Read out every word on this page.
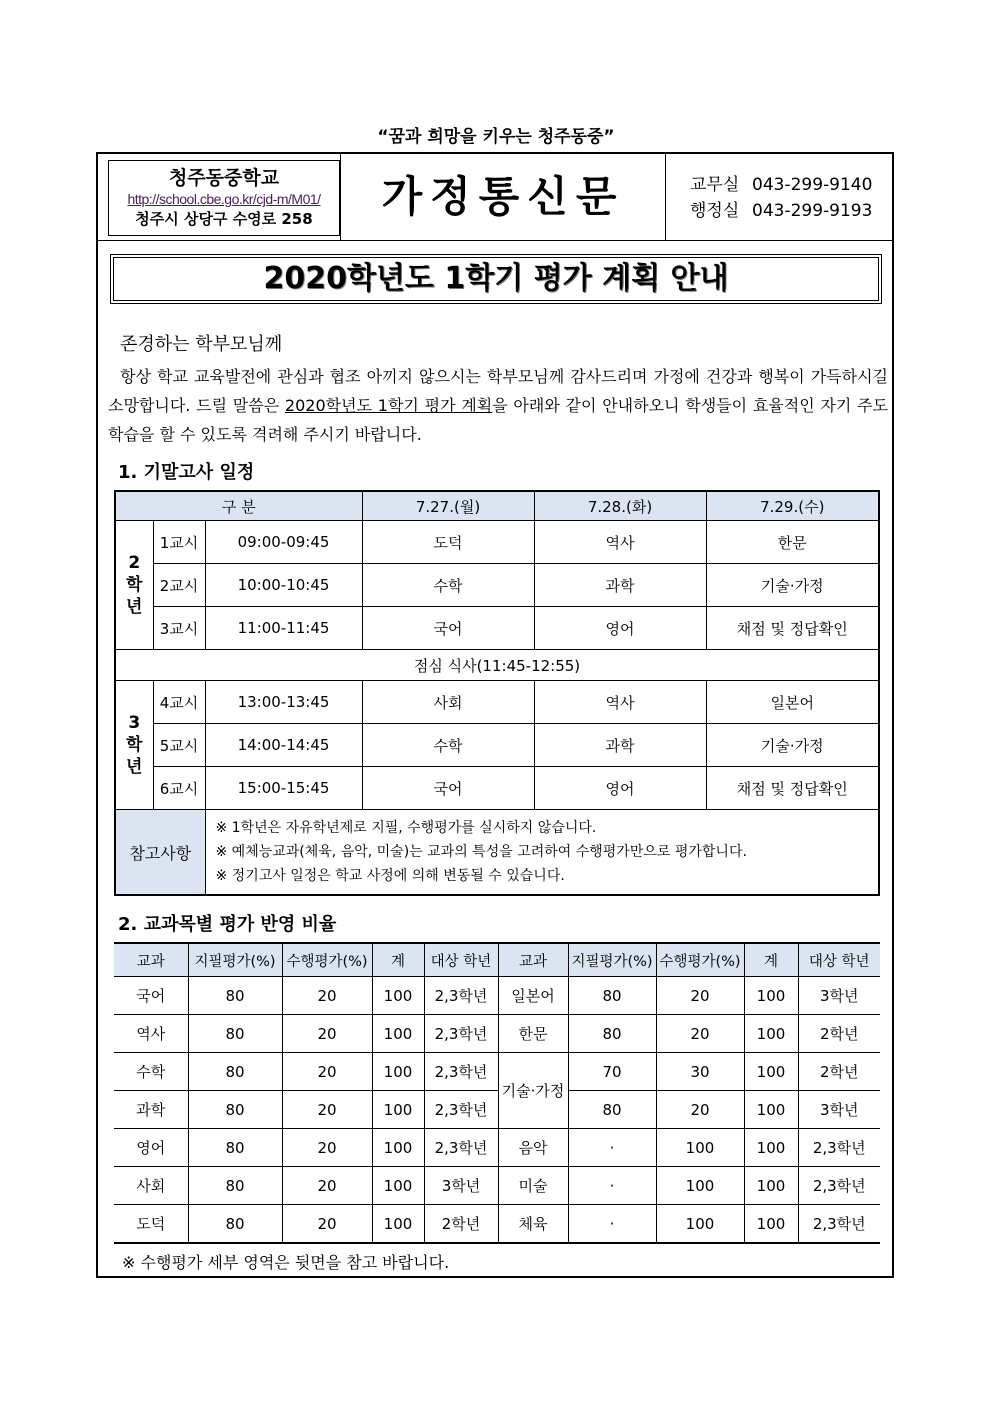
“꿈과 희망을 키우는 청주동중”
청주동중학교
http://school.cbe.go.kr/cjd-m/M01/
청주시 상당구 수영로 258	가정통신문	교무실 043-299-9140
행정실 043-299-9193
2020학년도 1학기 평가 계획 안내
존경하는 학부모님께
항상 학교 교육발전에 관심과 협조 아끼지 않으시는 학부모님께 감사드리며 가정에 건강과 행복이 가득하시길 소망합니다. 드릴 말씀은 2020학년도 1학기 평가 계획을 아래와 같이 안내하오니 학생들이 효율적인 자기 주도 학습을 할 수 있도록 격려해 주시기 바랍니다.
1. 기말고사 일정
구 분			7.27.(월)	7.28.(화)	7.29.(수)
2
학
년	1교시	09:00-09:45	도덕	역사	한문
	2교시	10:00-10:45	수학	과학	기술·가정
	3교시	11:00-11:45	국어	영어	채점 및 정답확인
점심 식사(11:45-12:55)					
3
학
년	4교시	13:00-13:45	사회	역사	일본어
	5교시	14:00-14:45	수학	과학	기술·가정
	6교시	15:00-15:45	국어	영어	채점 및 정답확인
참고사항		※ 1학년은 자유학년제로 지필, 수행평가를 실시하지 않습니다.
※ 예체능교과(체육, 음악, 미술)는 교과의 특성을 고려하여 수행평가만으로 평가합니다.
※ 정기고사 일정은 학교 사정에 의해 변동될 수 있습니다.			
2. 교과목별 평가 반영 비율
교과	지필평가(%)	수행평가(%)	계	대상 학년	교과	지필평가(%)	수행평가(%)	계	대상 학년
국어	80	20	100	2,3학년	일본어	80	20	100	3학년
역사	80	20	100	2,3학년	한문	80	20	100	2학년
수학	80	20	100	2,3학년	기술·가정	70	30	100	2학년
과학	80	20	100	2,3학년		80	20	100	3학년
영어	80	20	100	2,3학년	음악	·	100	100	2,3학년
사회	80	20	100	3학년	미술	·	100	100	2,3학년
도덕	80	20	100	2학년	체육	·	100	100	2,3학년
※ 수행평가 세부 영역은 뒷면을 참고 바랍니다.
